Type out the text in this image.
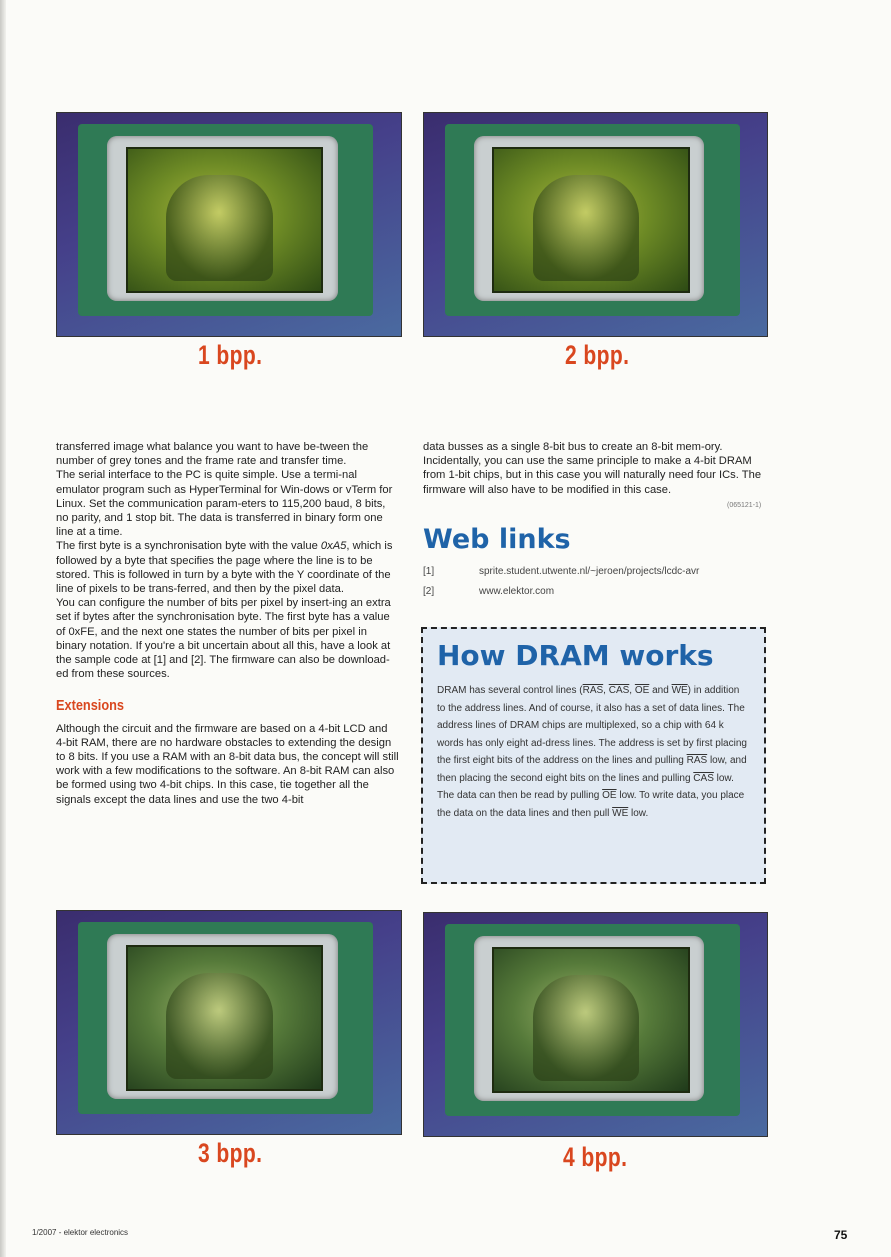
1 bpp.	2 bpp.

transferred image what balance you want to have be-tween the number of grey tones and the frame rate and transfer time.

The serial interface to the PC is quite simple. Use a termi-nal emulator program such as HyperTerminal for Win-dows or vTerm for Linux. Set the communication param-eters to 115,200 baud, 8 bits, no parity, and 1 stop bit. The data is transferred in binary form one line at a time.

The first byte is a synchronisation byte with the value 0xA5, which is followed by a byte that specifies the page where the line is to be stored. This is followed in turn by a byte with the Y coordinate of the line of pixels to be trans-ferred, and then by the pixel data.

You can configure the number of bits per pixel by insert-ing an extra set if bytes after the synchronisation byte. The first byte has a value of 0xFE, and the next one states the number of bits per pixel in binary notation. If you're a bit uncertain about all this, have a look at the sample code at [1] and [2]. The firmware can also be download-ed from these sources.

Extensions

Although the circuit and the firmware are based on a 4-bit LCD and 4-bit RAM, there are no hardware obstacles to extending the design to 8 bits. If you use a RAM with an 8-bit data bus, the concept will still work with a few modifications to the software. An 8-bit RAM can also be formed using two 4-bit chips. In this case, tie together all the signals except the data lines and use the two 4-bit

data busses as a single 8-bit bus to create an 8-bit mem-ory. Incidentally, you can use the same principle to make a 4-bit DRAM from 1-bit chips, but in this case you will naturally need four ICs. The firmware will also have to be modified in this case.

(065121-1)
Web links
[1]	sprite.student.utwente.nl/~jeroen/projects/lcdc-avr
[2]	www.elektor.com
How DRAM works

DRAM has several control lines ($\overline{RAS}$, $\overline{CAS}$, $\overline{OE}$ and $\overline{WE}$) in addition to the address lines. And of course, it also has a set of data lines. The address lines of DRAM chips are multiplexed, so a chip with 64 k words has only eight ad-dress lines. The address is set by first placing the first eight bits of the address on the lines and pulling $\overline{RAS}$ low, and then placing the second eight bits on the lines and pulling $\overline{CAS}$ low. The data can then be read by pulling $\overline{OE}$ low. To write data, you place the data on the data lines and then pull $\overline{WE}$ low.

3 bpp.	4 bpp.
1/2007 - elektor electronics	75
